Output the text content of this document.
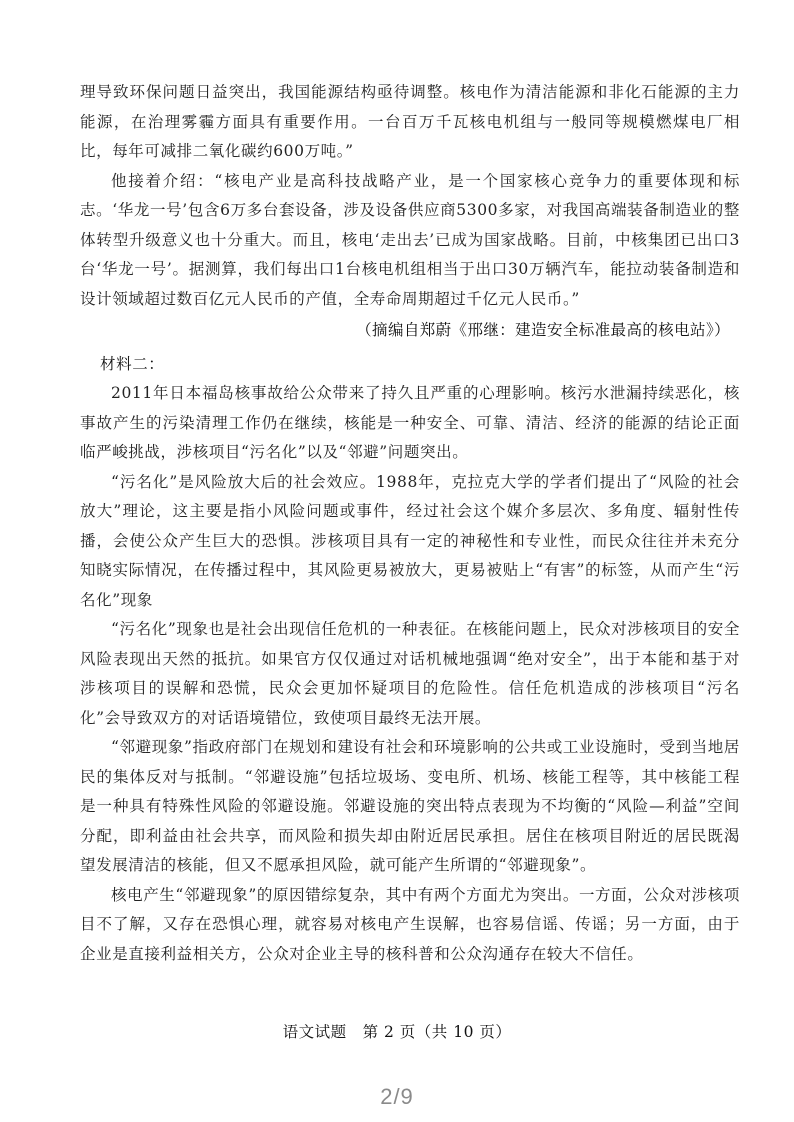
理导致环保问题日益突出，我国能源结构亟待调整。核电作为清洁能源和非化石能源的主力能源，在治理雾霾方面具有重要作用。一台百万千瓦核电机组与一般同等规模燃煤电厂相比，每年可减排二氧化碳约600万吨。”

他接着介绍：“核电产业是高科技战略产业，是一个国家核心竞争力的重要体现和标志。‘华龙一号’包含6万多台套设备，涉及设备供应商5300多家，对我国高端装备制造业的整体转型升级意义也十分重大。而且，核电‘走出去’已成为国家战略。目前，中核集团已出口3台‘华龙一号’。据测算，我们每出口1台核电机组相当于出口30万辆汽车，能拉动装备制造和设计领域超过数百亿元人民币的产值，全寿命周期超过千亿元人民币。”

（摘编自郑蔚《邢继：建造安全标准最高的核电站》）

材料二：

2011年日本福岛核事故给公众带来了持久且严重的心理影响。核污水泄漏持续恶化，核事故产生的污染清理工作仍在继续，核能是一种安全、可靠、清洁、经济的能源的结论正面临严峻挑战，涉核项目“污名化”以及“邻避”问题突出。

“污名化”是风险放大后的社会效应。1988年，克拉克大学的学者们提出了“风险的社会放大”理论，这主要是指小风险问题或事件，经过社会这个媒介多层次、多角度、辐射性传播，会使公众产生巨大的恐惧。涉核项目具有一定的神秘性和专业性，而民众往往并未充分知晓实际情况，在传播过程中，其风险更易被放大，更易被贴上“有害”的标签，从而产生“污名化”现象

“污名化”现象也是社会出现信任危机的一种表征。在核能问题上，民众对涉核项目的安全风险表现出天然的抵抗。如果官方仅仅通过对话机械地强调“绝对安全”，出于本能和基于对涉核项目的误解和恐慌，民众会更加怀疑项目的危险性。信任危机造成的涉核项目“污名化”会导致双方的对话语境错位，致使项目最终无法开展。

“邻避现象”指政府部门在规划和建设有社会和环境影响的公共或工业设施时，受到当地居民的集体反对与抵制。“邻避设施”包括垃圾场、变电所、机场、核能工程等，其中核能工程是一种具有特殊性风险的邻避设施。邻避设施的突出特点表现为不均衡的“风险—利益”空间分配，即利益由社会共享，而风险和损失却由附近居民承担。居住在核项目附近的居民既渴望发展清洁的核能，但又不愿承担风险，就可能产生所谓的“邻避现象”。

核电产生“邻避现象”的原因错综复杂，其中有两个方面尤为突出。一方面，公众对涉核项目不了解，又存在恐惧心理，就容易对核电产生误解，也容易信谣、传谣；另一方面，由于企业是直接利益相关方，公众对企业主导的核科普和公众沟通存在较大不信任。

语文试题　第 2 页（共 10 页）
2/9
